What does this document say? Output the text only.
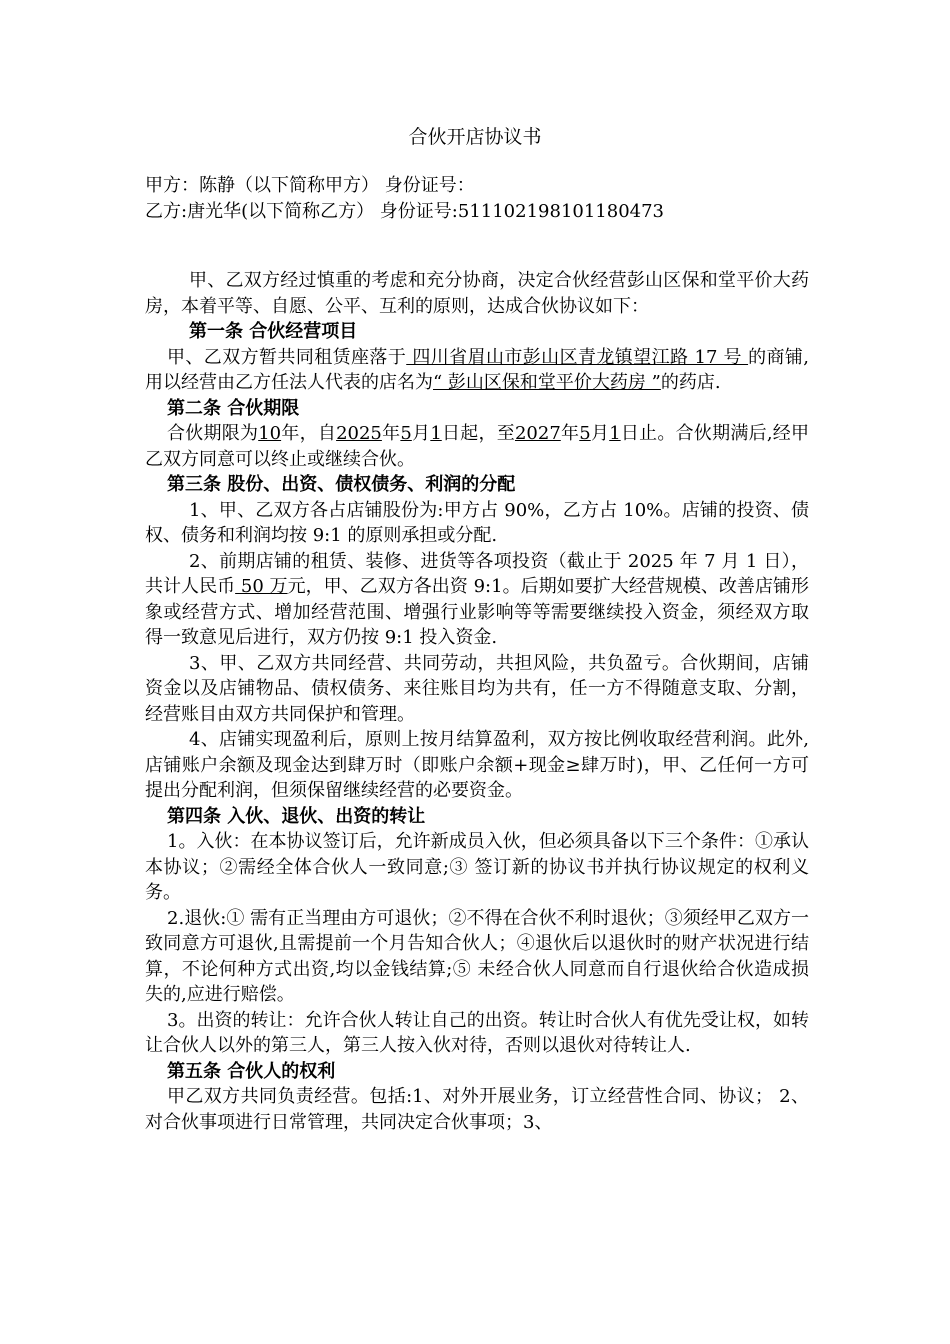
合伙开店协议书

甲方：陈静（以下简称甲方） 身份证号：

乙方:唐光华(以下简称乙方） 身份证号:511102198101180473

甲、乙双方经过慎重的考虑和充分协商，决定合伙经营彭山区保和堂平价大药房，本着平等、自愿、公平、互利的原则，达成合伙协议如下：

第一条 合伙经营项目

甲、乙双方暂共同租赁座落于 四川省眉山市彭山区青龙镇望江路 17 号 的商铺,用以经营由乙方任法人代表的店名为“ 彭山区保和堂平价大药房 ”的药店.

第二条 合伙期限

合伙期限为10年，自2025年5月1日起，至2027年5月1日止。合伙期满后,经甲乙双方同意可以终止或继续合伙。

第三条 股份、出资、债权债务、利润的分配

1、甲、乙双方各占店铺股份为:甲方占 90%，乙方占 10%。店铺的投资、债权、债务和利润均按 9:1 的原则承担或分配.

2、前期店铺的租赁、装修、进货等各项投资（截止于 2025 年 7 月 1 日），共计人民币 50 万元，甲、乙双方各出资 9:1。后期如要扩大经营规模、改善店铺形象或经营方式、增加经营范围、增强行业影响等等需要继续投入资金，须经双方取得一致意见后进行，双方仍按 9:1 投入资金.

3、甲、乙双方共同经营、共同劳动，共担风险，共负盈亏。合伙期间，店铺资金以及店铺物品、债权债务、来往账目均为共有，任一方不得随意支取、分割，经营账目由双方共同保护和管理。

4、店铺实现盈利后，原则上按月结算盈利，双方按比例收取经营利润。此外,店铺账户余额及现金达到肆万时（即账户余额+现金≥肆万时)，甲、乙任何一方可提出分配利润，但须保留继续经营的必要资金。

第四条 入伙、退伙、出资的转让

1。入伙：在本协议签订后，允许新成员入伙，但必须具备以下三个条件：①承认本协议；②需经全体合伙人一致同意;③ 签订新的协议书并执行协议规定的权利义务。

2.退伙:① 需有正当理由方可退伙；②不得在合伙不利时退伙；③须经甲乙双方一致同意方可退伙,且需提前一个月告知合伙人；④退伙后以退伙时的财产状况进行结算，不论何种方式出资,均以金钱结算;⑤ 未经合伙人同意而自行退伙给合伙造成损失的,应进行赔偿。

3。出资的转让：允许合伙人转让自己的出资。转让时合伙人有优先受让权，如转让合伙人以外的第三人，第三人按入伙对待，否则以退伙对待转让人.

第五条 合伙人的权利

甲乙双方共同负责经营。包括:1、对外开展业务，订立经营性合同、协议； 2、对合伙事项进行日常管理，共同决定合伙事项；3、
